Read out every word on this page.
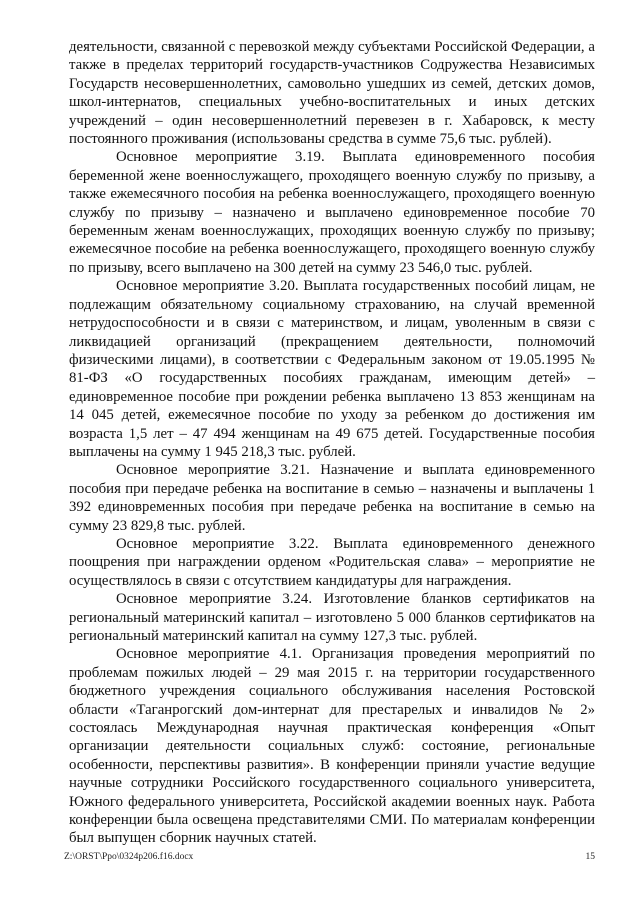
деятельности, связанной с перевозкой между субъектами Российской Федерации, а также в пределах территорий государств-участников Содружества Независимых Государств несовершеннолетних, самовольно ушедших из семей, детских домов, школ-интернатов, специальных учебно-воспитательных и иных детских учреждений – один несовершеннолетний перевезен в г. Хабаровск, к месту постоянного проживания (использованы средства в сумме 75,6 тыс. рублей).

Основное мероприятие 3.19. Выплата единовременного пособия беременной жене военнослужащего, проходящего военную службу по призыву, а также ежемесячного пособия на ребенка военнослужащего, проходящего военную службу по призыву – назначено и выплачено единовременное пособие 70 беременным женам военнослужащих, проходящих военную службу по призыву; ежемесячное пособие на ребенка военнослужащего, проходящего военную службу по призыву, всего выплачено на 300 детей на сумму 23 546,0 тыс. рублей.

Основное мероприятие 3.20. Выплата государственных пособий лицам, не подлежащим обязательному социальному страхованию, на случай временной нетрудоспособности и в связи с материнством, и лицам, уволенным в связи с ликвидацией организаций (прекращением деятельности, полномочий физическими лицами), в соответствии с Федеральным законом от 19.05.1995 № 81-ФЗ «О государственных пособиях гражданам, имеющим детей» – единовременное пособие при рождении ребенка выплачено 13 853 женщинам на 14 045 детей, ежемесячное пособие по уходу за ребенком до достижения им возраста 1,5 лет – 47 494 женщинам на 49 675 детей. Государственные пособия выплачены на сумму 1 945 218,3 тыс. рублей.

Основное мероприятие 3.21. Назначение и выплата единовременного пособия при передаче ребенка на воспитание в семью – назначены и выплачены 1 392 единовременных пособия при передаче ребенка на воспитание в семью на сумму 23 829,8 тыс. рублей.

Основное мероприятие 3.22. Выплата единовременного денежного поощрения при награждении орденом «Родительская слава» – мероприятие не осуществлялось в связи с отсутствием кандидатуры для награждения.

Основное мероприятие 3.24. Изготовление бланков сертификатов на региональный материнский капитал – изготовлено 5 000 бланков сертификатов на региональный материнский капитал на сумму 127,3 тыс. рублей.

Основное мероприятие 4.1. Организация проведения мероприятий по проблемам пожилых людей – 29 мая 2015 г. на территории государственного бюджетного учреждения социального обслуживания населения Ростовской области «Таганрогский дом-интернат для престарелых и инвалидов № 2» состоялась Международная научная практическая конференция «Опыт организации деятельности социальных служб: состояние, региональные особенности, перспективы развития». В конференции приняли участие ведущие научные сотрудники Российского государственного социального университета, Южного федерального университета, Российской академии военных наук. Работа конференции была освещена представителями СМИ. По материалам конференции был выпущен сборник научных статей.

Z:\ORST\Ppo\0324p206.f16.docx	15
